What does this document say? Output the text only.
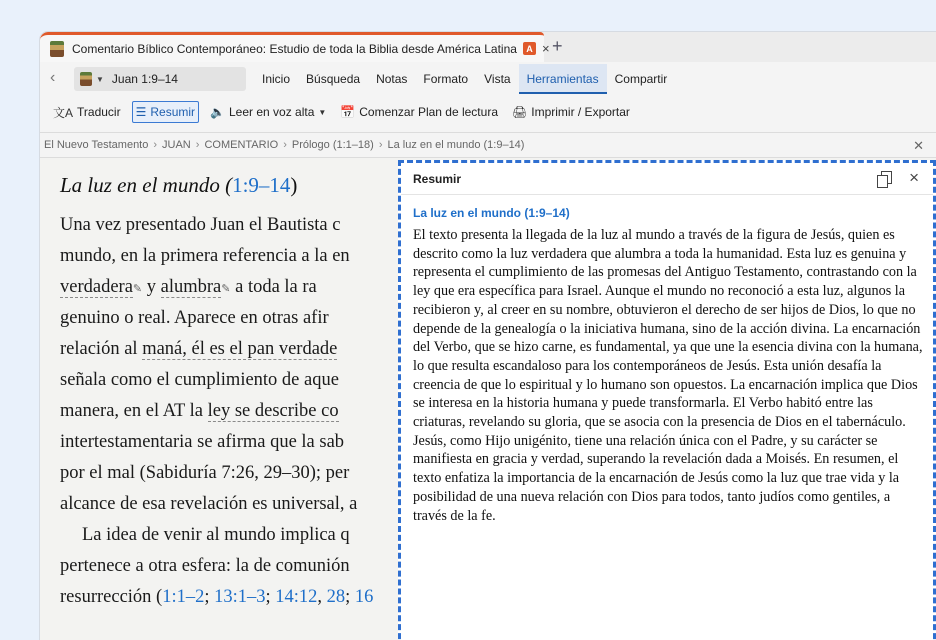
Comentario Bíblico Contemporáneo: Estudio de toda la Biblia desde América Latina	A × +
‹	▼ Juan 1:9–14	Inicio	Búsqueda	Notas	Formato	Vista	Herramientas	Compartir
文A Traducir ☰ Resumir 🔈 Leer en voz alta ▼ 📅 Comenzar Plan de lectura 🖨 Imprimir / Exportar
El Nuevo Testamento › JUAN › COMENTARIO › Prólogo (1:1–18) › La luz en el mundo (1:9–14)	✕
La luz en el mundo (1:9–14)
Una vez presentado Juan el Bautista c
mundo, en la primera referencia a la en
verdadera✎ y alumbra✎ a toda la ra
genuino o real. Aparece en otras afir
relación al maná, él es el pan verdade
señala como el cumplimiento de aque
manera, en el AT la ley se describe co
intertestamentaria se afirma que la sab
por el mal (Sabiduría 7:26, 29–30); per
alcance de esa revelación es universal, a
La idea de venir al mundo implica q
pertenece a otra esfera: la de comunión
resurrección (1:1–2; 13:1–3; 14:12, 28; 16
Resumir	×
La luz en el mundo (1:9–14)
El texto presenta la llegada de la luz al mundo a través de la figura de Jesús, quien es descrito como la luz verdadera que alumbra a toda la humanidad. Esta luz es genuina y representa el cumplimiento de las promesas del Antiguo Testamento, contrastando con la ley que era específica para Israel. Aunque el mundo no reconoció a esta luz, algunos la recibieron y, al creer en su nombre, obtuvieron el derecho de ser hijos de Dios, lo que no depende de la genealogía o la iniciativa humana, sino de la acción divina. La encarnación del Verbo, que se hizo carne, es fundamental, ya que une la esencia divina con la humana, lo que resulta escandaloso para los contemporáneos de Jesús. Esta unión desafía la creencia de que lo espiritual y lo humano son opuestos. La encarnación implica que Dios se interesa en la historia humana y puede transformarla. El Verbo habitó entre las criaturas, revelando su gloria, que se asocia con la presencia de Dios en el tabernáculo. Jesús, como Hijo unigénito, tiene una relación única con el Padre, y su carácter se manifiesta en gracia y verdad, superando la revelación dada a Moisés. En resumen, el texto enfatiza la importancia de la encarnación de Jesús como la luz que trae vida y la posibilidad de una nueva relación con Dios para todos, tanto judíos como gentiles, a través de la fe.
